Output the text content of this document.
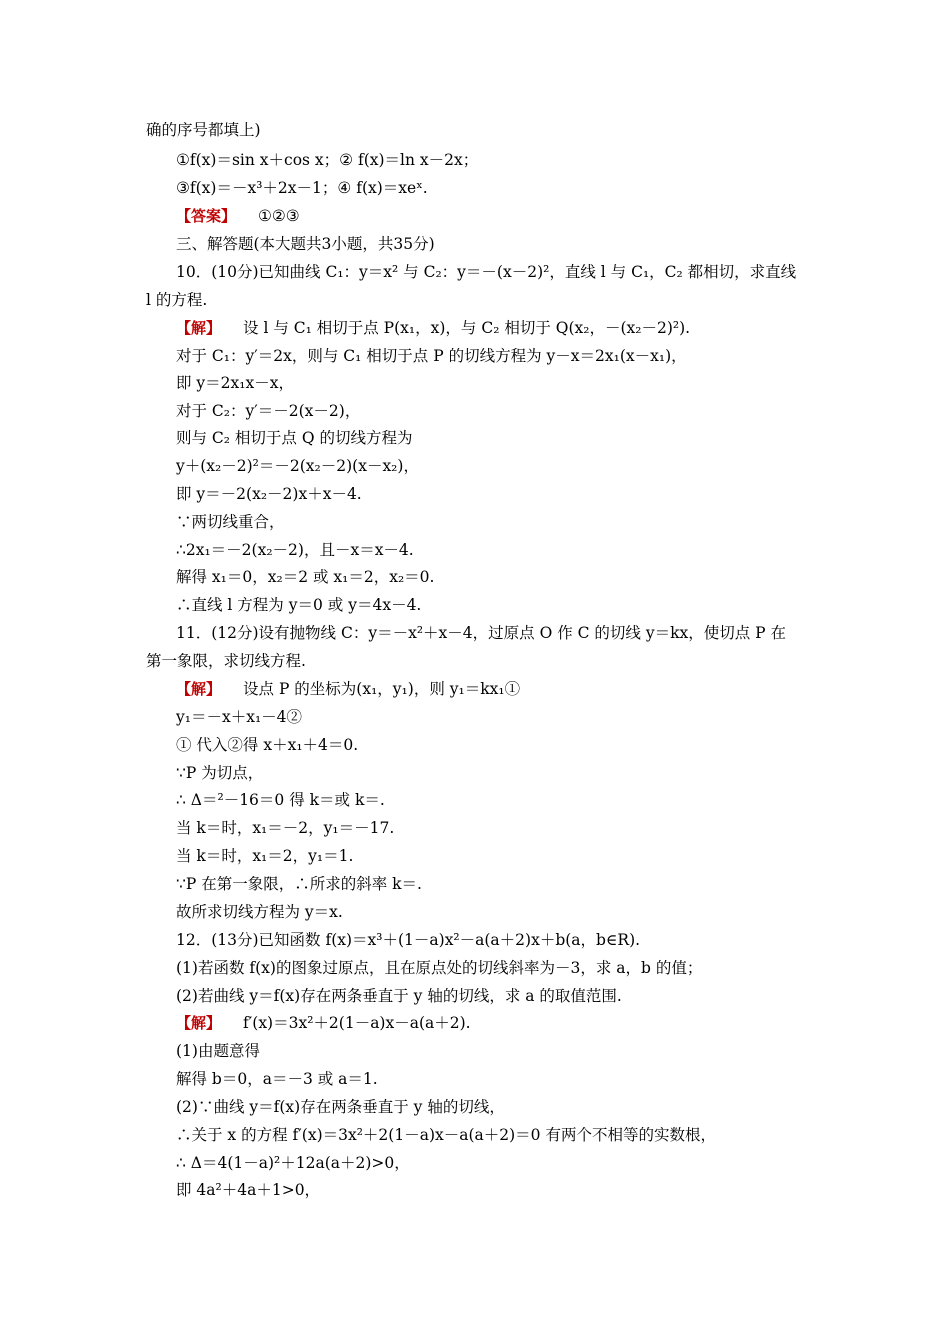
确的序号都填上)
①f(x)＝sin x＋cos x；② f(x)＝ln x－2x；
③f(x)＝－x³＋2x－1；④ f(x)＝xeˣ.
【答案】 ①②③
三、解答题(本大题共3小题，共35分)
10．(10分)已知曲线 C₁：y＝x² 与 C₂：y＝－(x－2)²，直线 l 与 C₁，C₂ 都相切，求直线
l 的方程.
【解】 设 l 与 C₁ 相切于点 P(x₁，x)，与 C₂ 相切于 Q(x₂，－(x₂－2)²).
对于 C₁：y′＝2x，则与 C₁ 相切于点 P 的切线方程为 y－x＝2x₁(x－x₁)，
即 y＝2x₁x－x，
对于 C₂：y′＝－2(x－2)，
则与 C₂ 相切于点 Q 的切线方程为
y＋(x₂－2)²＝－2(x₂－2)(x－x₂)，
即 y＝－2(x₂－2)x＋x－4.
∵两切线重合，
∴2x₁＝－2(x₂－2)，且－x＝x－4.
解得 x₁＝0，x₂＝2 或 x₁＝2，x₂＝0.
∴直线 l 方程为 y＝0 或 y＝4x－4.
11．(12分)设有抛物线 C：y＝－x²＋x－4，过原点 O 作 C 的切线 y＝kx，使切点 P 在
第一象限，求切线方程.
【解】 设点 P 的坐标为(x₁，y₁)，则 y₁＝kx₁①
y₁＝－x＋x₁－4②
① 代入②得 x＋x₁＋4＝0.
∵P 为切点，
∴ Δ＝²－16＝0 得 k＝或 k＝.
当 k＝时，x₁＝－2，y₁＝－17.
当 k＝时，x₁＝2，y₁＝1.
∵P 在第一象限，∴所求的斜率 k＝.
故所求切线方程为 y＝x.
12．(13分)已知函数 f(x)＝x³＋(1－a)x²－a(a＋2)x＋b(a，b∈R).
(1)若函数 f(x)的图象过原点，且在原点处的切线斜率为－3，求 a，b 的值；
(2)若曲线 y＝f(x)存在两条垂直于 y 轴的切线，求 a 的取值范围.
【解】 f′(x)＝3x²＋2(1－a)x－a(a＋2).
(1)由题意得
解得 b＝0，a＝－3 或 a＝1.
(2)∵曲线 y＝f(x)存在两条垂直于 y 轴的切线，
∴关于 x 的方程 f′(x)＝3x²＋2(1－a)x－a(a＋2)＝0 有两个不相等的实数根，
∴ Δ＝4(1－a)²＋12a(a＋2)>0，
即 4a²＋4a＋1>0，
